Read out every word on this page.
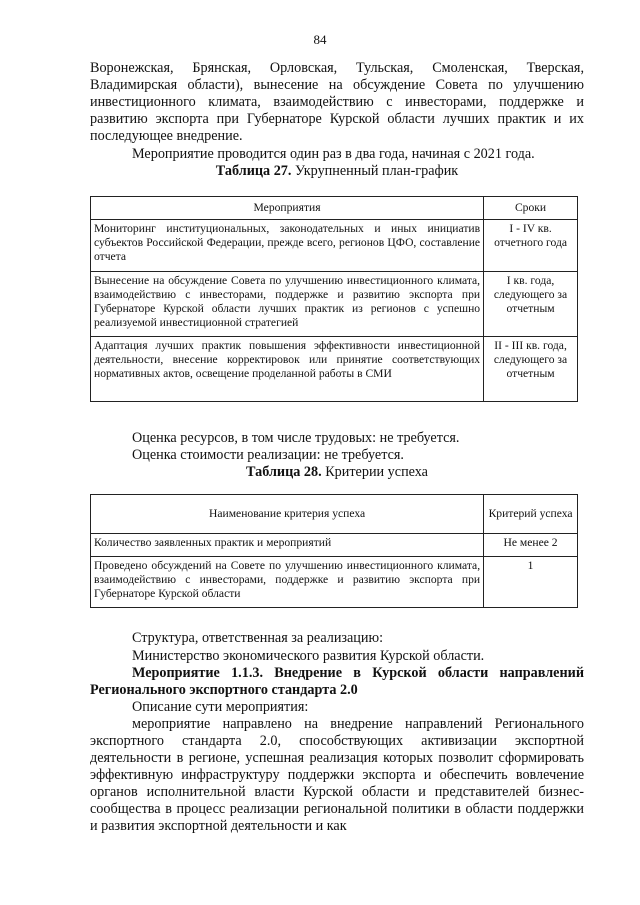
84
Воронежская, Брянская, Орловская, Тульская, Смоленская, Тверская, Владимирская области), вынесение на обсуждение Совета по улучшению инвестиционного климата, взаимодействию с инвесторами, поддержке и развитию экспорта при Губернаторе Курской области лучших практик и их последующее внедрение.
Мероприятие проводится один раз в два года, начиная с 2021 года.
Таблица 27. Укрупненный план-график
Мероприятия	Сроки
Мониторинг институциональных, законодательных и иных инициатив субъектов Российской Федерации, прежде всего, регионов ЦФО, составление отчета	I - IV кв. отчетного года
Вынесение на обсуждение Совета по улучшению инвестиционного климата, взаимодействию с инвесторами, поддержке и развитию экспорта при Губернаторе Курской области лучших практик из регионов с успешно реализуемой инвестиционной стратегией	I кв. года, следующего за отчетным
Адаптация лучших практик повышения эффективности инвестиционной деятельности, внесение корректировок или принятие соответствующих нормативных актов, освещение проделанной работы в СМИ	II - III кв. года, следующего за отчетным
Оценка ресурсов, в том числе трудовых: не требуется.
Оценка стоимости реализации: не требуется.
Таблица 28. Критерии успеха
Наименование критерия успеха	Критерий успеха
Количество заявленных практик и мероприятий	Не менее 2
Проведено обсуждений на Совете по улучшению инвестиционного климата, взаимодействию с инвесторами, поддержке и развитию экспорта при Губернаторе Курской области	1
Структура, ответственная за реализацию:
Министерство экономического развития Курской области.
Мероприятие 1.1.3. Внедрение в Курской области направлений Регионального экспортного стандарта 2.0
Описание сути мероприятия:
мероприятие направлено на внедрение направлений Регионального экспортного стандарта 2.0, способствующих активизации экспортной деятельности в регионе, успешная реализация которых позволит сформировать эффективную инфраструктуру поддержки экспорта и обеспечить вовлечение органов исполнительной власти Курской области и представителей бизнес-сообщества в процесс реализации региональной политики в области поддержки и развития экспортной деятельности и как
